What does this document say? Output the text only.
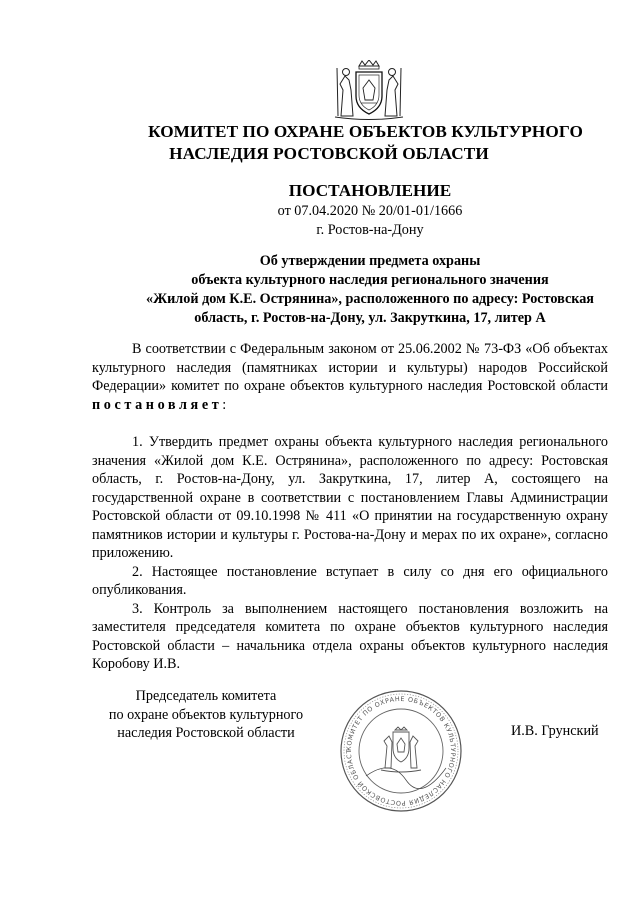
КОМИТЕТ ПО ОХРАНЕ ОБЪЕКТОВ КУЛЬТУРНОГО
НАСЛЕДИЯ РОСТОВСКОЙ ОБЛАСТИ
ПОСТАНОВЛЕНИЕ
от 07.04.2020 № 20/01-01/1666
г. Ростов-на-Дону
Об утверждении предмета охраны
объекта культурного наследия регионального значения
«Жилой дом К.Е. Острянина», расположенного по адресу: Ростовская
область, г. Ростов-на-Дону, ул. Закруткина, 17, литер А

В соответствии с Федеральным законом от 25.06.2002 № 73-ФЗ «Об объектах культурного наследия (памятниках истории и культуры) народов Российской Федерации» комитет по охране объектов культурного наследия Ростовской области постановляет:

1. Утвердить предмет охраны объекта культурного наследия регионального значения «Жилой дом К.Е. Острянина», расположенного по адресу: Ростовская область, г. Ростов-на-Дону, ул. Закруткина, 17, литер А, состоящего на государственной охране в соответствии с постановлением Главы Администрации Ростовской области от 09.10.1998 № 411 «О принятии на государственную охрану памятников истории и культуры г. Ростова-на-Дону и мерах по их охране», согласно приложению.

2. Настоящее постановление вступает в силу со дня его официального опубликования.

3. Контроль за выполнением настоящего постановления возложить на заместителя председателя комитета по охране объектов культурного наследия Ростовской области – начальника отдела охраны объектов культурного наследия Коробову И.В.

Председатель комитета
по охране объектов культурного
наследия Ростовской области
КОМИТЕТ ПО ОХРАНЕ ОБЪЕКТОВ КУЛЬТУРНОГО НАСЛЕДИЯ РОСТОВСКОЙ ОБЛАСТ
И.В. Грунский
